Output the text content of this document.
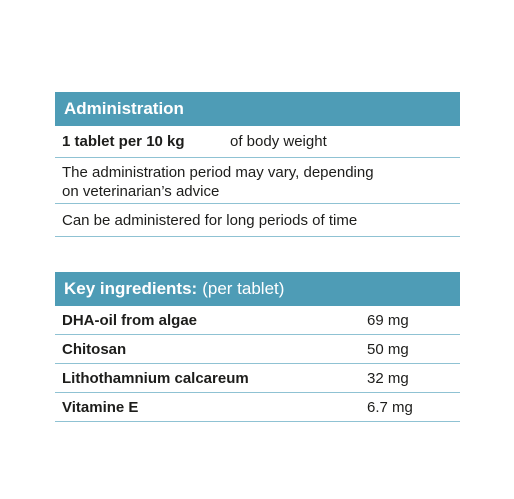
Administration
1 tablet per 10 kg	of body weight
The administration period may vary, depending
on veterinarian’s advice
Can be administered for long periods of time
Key ingredients: (per tablet)
DHA-oil from algae	69 mg
Chitosan	50 mg
Lithothamnium calcareum	32 mg
Vitamine E	6.7 mg
